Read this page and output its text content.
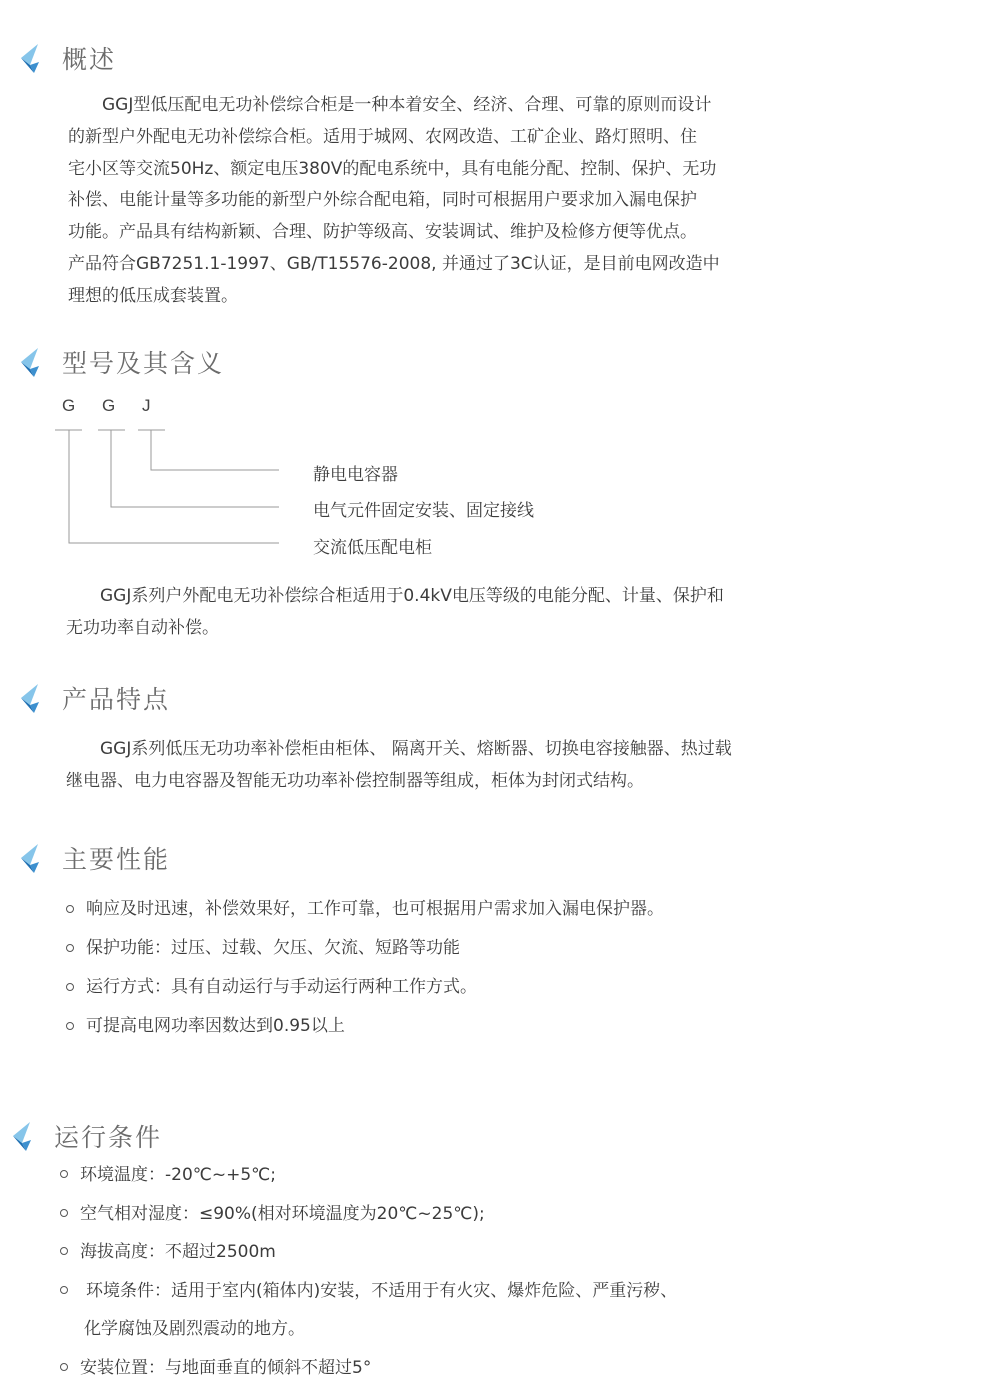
概述

GGJ型低压配电无功补偿综合柜是一种本着安全、经济、合理、可靠的原则而设计

的新型户外配电无功补偿综合柜。适用于城网、农网改造、工矿企业、路灯照明、住

宅小区等交流50Hz、额定电压380V的配电系统中，具有电能分配、控制、保护、无功

补偿、电能计量等多功能的新型户外综合配电箱，同时可根据用户要求加入漏电保护

功能。产品具有结构新颖、合理、防护等级高、安装调试、维护及检修方便等优点。

产品符合GB7251.1-1997、GB/T15576-2008, 并通过了3C认证，是目前电网改造中

理想的低压成套装置。

型号及其含义
G G J
静电电容器
电气元件固定安装、固定接线
交流低压配电柜

GGJ系列户外配电无功补偿综合柜适用于0.4kV电压等级的电能分配、计量、保护和

无功功率自动补偿。

产品特点

GGJ系列低压无功功率补偿柜由柜体、 隔离开关、熔断器、切换电容接触器、热过载

继电器、电力电容器及智能无功功率补偿控制器等组成，柜体为封闭式结构。

主要性能
响应及时迅速，补偿效果好，工作可靠，也可根据用户需求加入漏电保护器。
保护功能：过压、过载、欠压、欠流、短路等功能
运行方式：具有自动运行与手动运行两种工作方式。
可提高电网功率因数达到0.95以上
运行条件
环境温度：-20℃~+5℃;
空气相对湿度：≤90%(相对环境温度为20℃~25℃);
海拔高度：不超过2500m
环境条件：适用于室内(箱体内)安装，不适用于有火灾、爆炸危险、严重污秽、
化学腐蚀及剧烈震动的地方。
安装位置：与地面垂直的倾斜不超过5°
